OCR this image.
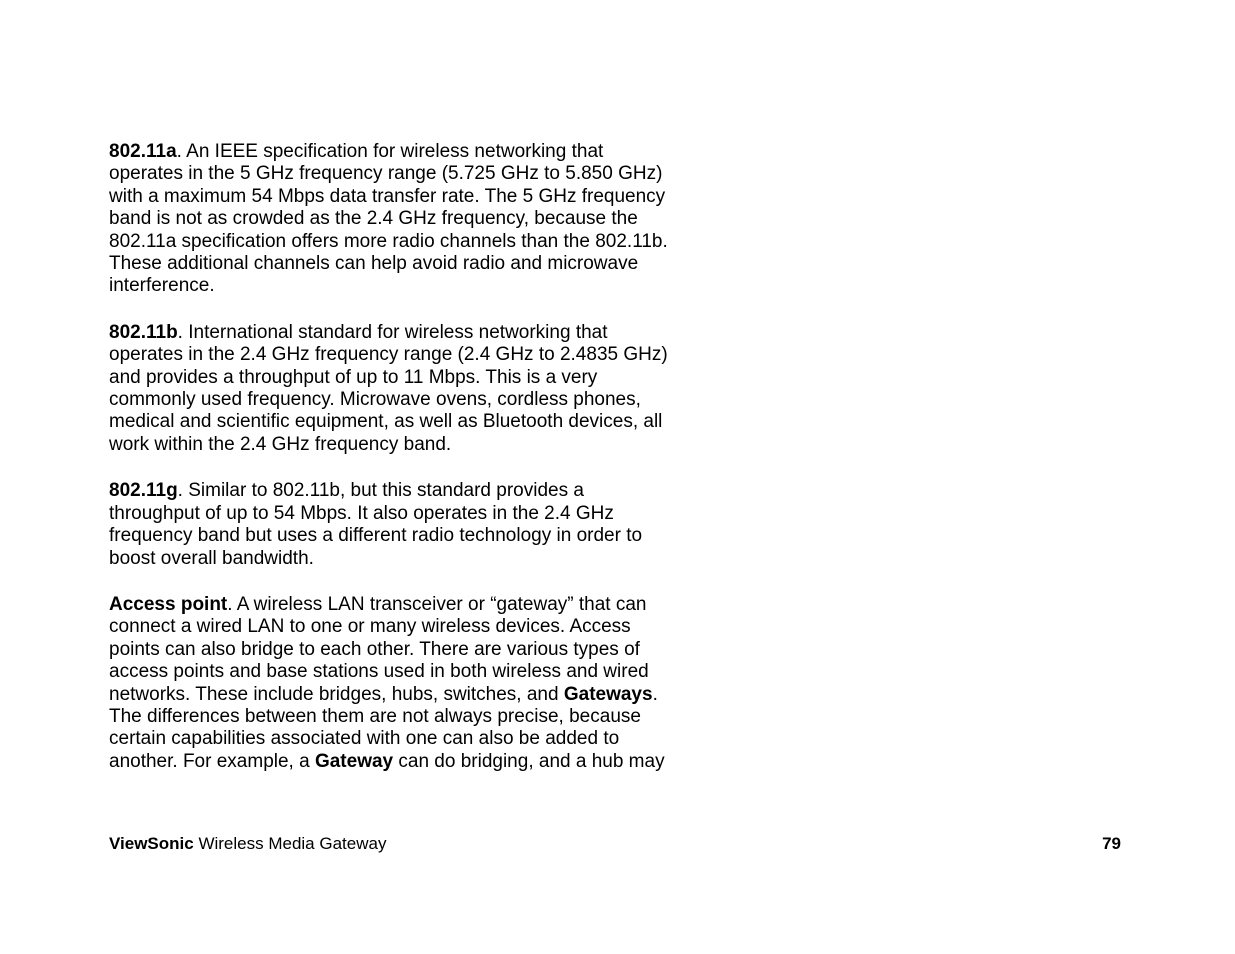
802.11a. An IEEE specification for wireless networking that

operates in the 5 GHz frequency range (5.725 GHz to 5.850 GHz)

with a maximum 54 Mbps data transfer rate. The 5 GHz frequency

band is not as crowded as the 2.4 GHz frequency, because the

802.11a specification offers more radio channels than the 802.11b.

These additional channels can help avoid radio and microwave

interference.

802.11b. International standard for wireless networking that

operates in the 2.4 GHz frequency range (2.4 GHz to 2.4835 GHz)

and provides a throughput of up to 11 Mbps. This is a very

commonly used frequency. Microwave ovens, cordless phones,

medical and scientific equipment, as well as Bluetooth devices, all

work within the 2.4 GHz frequency band.

802.11g. Similar to 802.11b, but this standard provides a

throughput of up to 54 Mbps. It also operates in the 2.4 GHz

frequency band but uses a different radio technology in order to

boost overall bandwidth.

Access point. A wireless LAN transceiver or “gateway” that can

connect a wired LAN to one or many wireless devices. Access

points can also bridge to each other. There are various types of

access points and base stations used in both wireless and wired

networks. These include bridges, hubs, switches, and Gateways.

The differences between them are not always precise, because

certain capabilities associated with one can also be added to

another. For example, a Gateway can do bridging, and a hub may

ViewSonic Wireless Media Gateway	79
